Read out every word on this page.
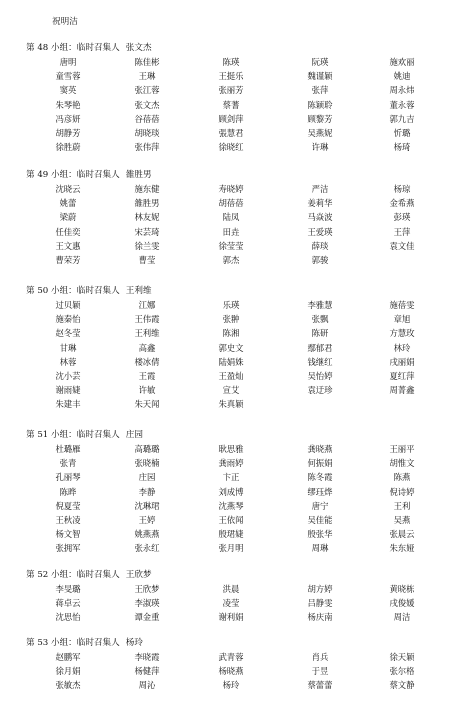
祝明洁
第 48 小组：临时召集人 张文杰
唐明	陈佳彬	陈瑛	阮瑛	施欢丽
童雪蓉	王琳	王挺乐	魏谨颖	姚迪
窦英	张江蓉	张丽芳	张萍	周永炜
朱琴艳	张文杰	蔡蓍	陈颖聆	董永蓉
冯彦妍	谷蓓蓓	顾剑萍	顾黎芳	郭九吉
胡静芳	胡晓琰	張慧君	吴燕妮	忻璐
徐胜蔚	张伟萍	徐晓红	许琳	杨琦
第 49 小组：临时召集人 雒胜男
沈晓云	施东健	寿晓婷	严洁	杨琼
姚蕾	雒胜男	胡蓓蓓	姜莉华	金希燕
梁蔚	林友妮	陆凤	马焱波	彭瑛
任佳奕	宋芸琦	田垚	王爱瑛	王萍
王文惠	徐兰雯	徐莹莹	薛琰	袁文佳
曹荣芳	曹莹	郭杰	郭骏
第 50 小组：临时召集人 王利维
过贝颖	江娜	乐瑛	李雅慧	施蓓雯
施秦怡	王伟霞	张翀	张飘	章旭
赵冬莹	王利维	陈湘	陈研	方慧玫
甘琳	高鑫	郭史文	鄢郁君	林玲
林蓉	楼冰倩	陆娟姝	钱继红	戌丽娟
沈小芸	王霞	王盈灿	吴怡婷	夏红萍
谢雨婕	许敏	宣艾	袁迂珍	周菁鑫
朱建丰	朱天闻	朱真颖
第 51 小组：临时召集人 庄园
杜璐雁	高璐璐	耿思雅	龚晓燕	王丽平
张青	张晓楠	龚雨婷	何振娟	胡惟文
孔丽琴	庄园	卞正	陈冬霞	陈燕
陈晔	李静	刘成博	缪珏烨	倪诗婷
倪夏莹	沈琳珺	沈燕琴	唐宁	王利
王秋凌	王婷	王依闻	吴佳能	吴燕
杨文智	姚燕燕	殷珺婕	殷张华	张晨云
张拥军	张永红	张月明	周琳	朱东娅
第 52 小组：临时召集人 王欣梦
李旻璐	王欣梦	洪晨	胡方婷	黄晓栋
蒋卓云	李淑瑛	凌莹	吕静雯	戌俊媛
沈思怡	谭金重	谢利娟	杨庆南	周洁
第 53 小组：临时召集人 杨玲
赵鹏军	李晓霞	武青蓉	肖兵	徐天颖
徐月娟	杨健萍	杨晓燕	于昱	张尔格
张敏杰	周沁	杨玲	蔡蕾蕾	蔡文静
